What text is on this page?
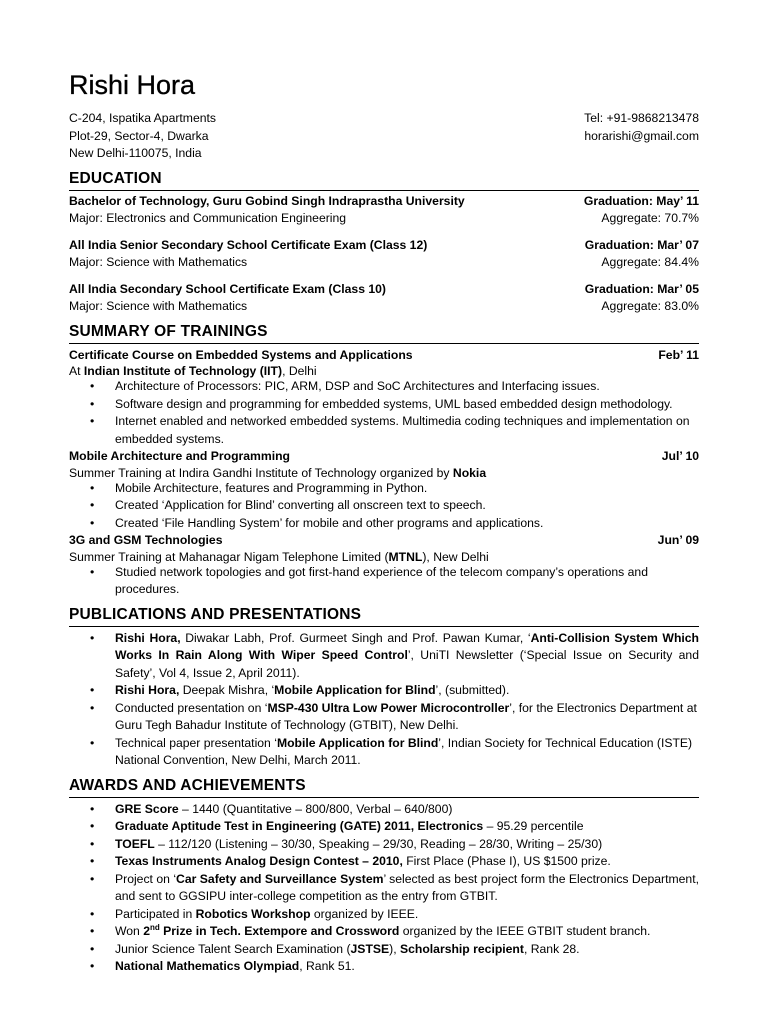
Rishi Hora
C-204, Ispatika Apartments
Plot-29, Sector-4, Dwarka
New Delhi-110075, India
Tel: +91-9868213478
horarishi@gmail.com
EDUCATION
Bachelor of Technology, Guru Gobind Singh Indraprastha University	Graduation: May’ 11
Major: Electronics and Communication Engineering	Aggregate: 70.7%
All India Senior Secondary School Certificate Exam (Class 12)	Graduation: Mar’ 07
Major: Science with Mathematics	Aggregate: 84.4%
All India Secondary School Certificate Exam (Class 10)	Graduation: Mar’ 05
Major: Science with Mathematics	Aggregate: 83.0%
SUMMARY OF TRAININGS
Certificate Course on Embedded Systems and Applications	Feb’ 11
At Indian Institute of Technology (IIT), Delhi
• Architecture of Processors: PIC, ARM, DSP and SoC Architectures and Interfacing issues.
• Software design and programming for embedded systems, UML based embedded design methodology.
• Internet enabled and networked embedded systems. Multimedia coding techniques and implementation on embedded systems.
Mobile Architecture and Programming	Jul’ 10
Summer Training at Indira Gandhi Institute of Technology organized by Nokia
• Mobile Architecture, features and Programming in Python.
• Created ‘Application for Blind’ converting all onscreen text to speech.
• Created ‘File Handling System’ for mobile and other programs and applications.
3G and GSM Technologies	Jun’ 09
Summer Training at Mahanagar Nigam Telephone Limited (MTNL), New Delhi
• Studied network topologies and got first-hand experience of the telecom company’s operations and procedures.
PUBLICATIONS AND PRESENTATIONS
• Rishi Hora, Diwakar Labh, Prof. Gurmeet Singh and Prof. Pawan Kumar, ‘Anti-Collision System Which Works In Rain Along With Wiper Speed Control’, UniTI Newsletter (‘Special Issue on Security and Safety’, Vol 4, Issue 2, April 2011).
• Rishi Hora, Deepak Mishra, ‘Mobile Application for Blind’, (submitted).
• Conducted presentation on ‘MSP-430 Ultra Low Power Microcontroller’, for the Electronics Department at Guru Tegh Bahadur Institute of Technology (GTBIT), New Delhi.
• Technical paper presentation ‘Mobile Application for Blind’, Indian Society for Technical Education (ISTE) National Convention, New Delhi, March 2011.
AWARDS AND ACHIEVEMENTS
• GRE Score – 1440 (Quantitative – 800/800, Verbal – 640/800)
• Graduate Aptitude Test in Engineering (GATE) 2011, Electronics – 95.29 percentile
• TOEFL – 112/120 (Listening – 30/30, Speaking – 29/30, Reading – 28/30, Writing – 25/30)
• Texas Instruments Analog Design Contest – 2010, First Place (Phase I), US $1500 prize.
• Project on ‘Car Safety and Surveillance System’ selected as best project form the Electronics Department, and sent to GGSIPU inter-college competition as the entry from GTBIT.
• Participated in Robotics Workshop organized by IEEE.
• Won 2nd Prize in Tech. Extempore and Crossword organized by the IEEE GTBIT student branch.
• Junior Science Talent Search Examination (JSTSE), Scholarship recipient, Rank 28.
• National Mathematics Olympiad, Rank 51.
